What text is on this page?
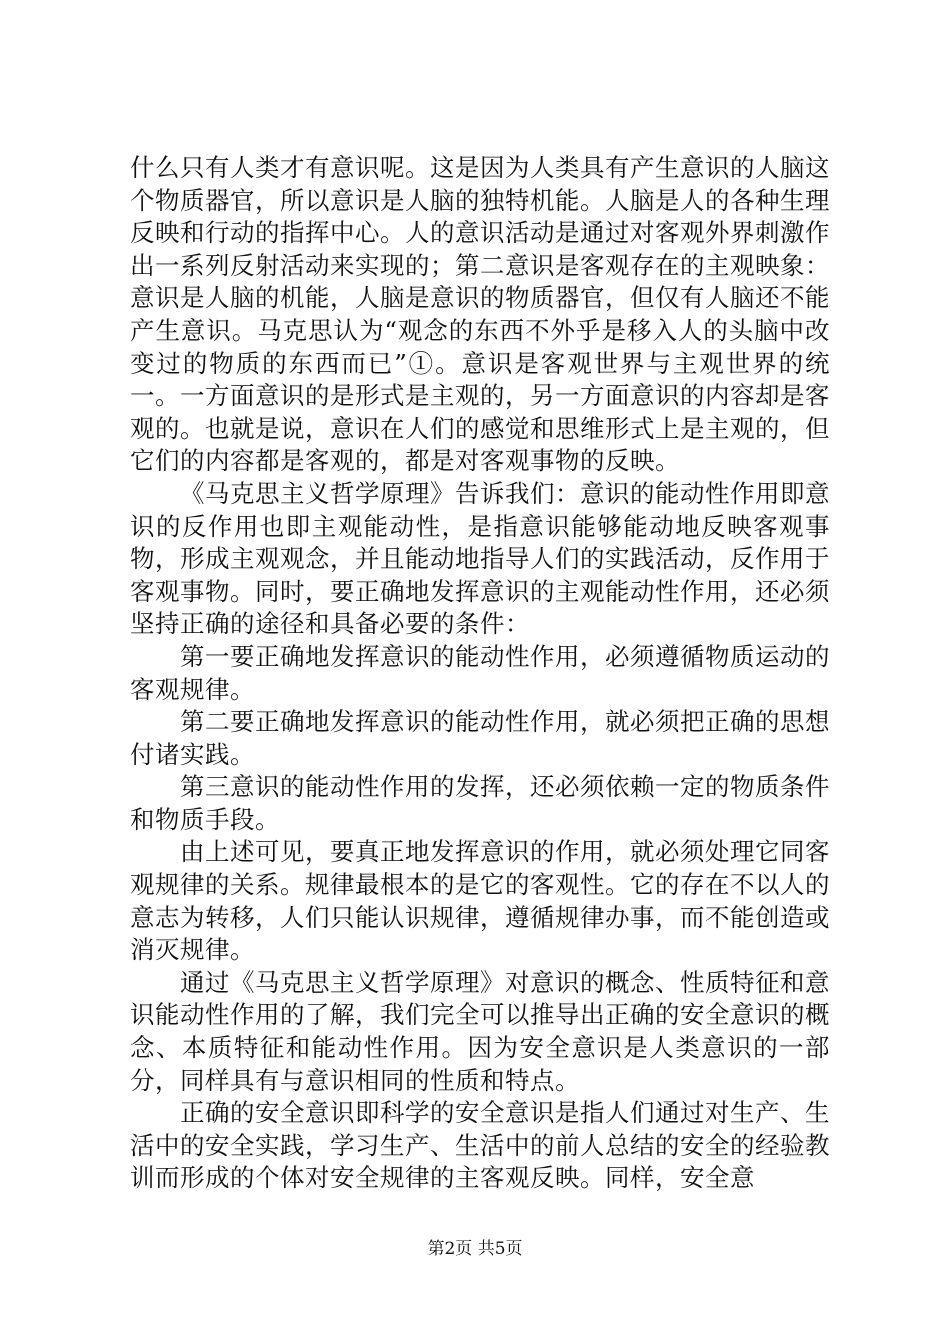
什么只有人类才有意识呢。这是因为人类具有产生意识的人脑这个物质器官，所以意识是人脑的独特机能。人脑是人的各种生理反映和行动的指挥中心。人的意识活动是通过对客观外界刺激作出一系列反射活动来实现的；第二意识是客观存在的主观映象：意识是人脑的机能，人脑是意识的物质器官，但仅有人脑还不能产生意识。马克思认为“观念的东西不外乎是移入人的头脑中改变过的物质的东西而已”①。意识是客观世界与主观世界的统一。一方面意识的是形式是主观的，另一方面意识的内容却是客观的。也就是说，意识在人们的感觉和思维形式上是主观的，但它们的内容都是客观的，都是对客观事物的反映。

《马克思主义哲学原理》告诉我们：意识的能动性作用即意识的反作用也即主观能动性，是指意识能够能动地反映客观事物，形成主观观念，并且能动地指导人们的实践活动，反作用于客观事物。同时，要正确地发挥意识的主观能动性作用，还必须坚持正确的途径和具备必要的条件：

第一要正确地发挥意识的能动性作用，必须遵循物质运动的客观规律。

第二要正确地发挥意识的能动性作用，就必须把正确的思想付诸实践。

第三意识的能动性作用的发挥，还必须依赖一定的物质条件和物质手段。

由上述可见，要真正地发挥意识的作用，就必须处理它同客观规律的关系。规律最根本的是它的客观性。它的存在不以人的意志为转移，人们只能认识规律，遵循规律办事，而不能创造或消灭规律。

通过《马克思主义哲学原理》对意识的概念、性质特征和意识能动性作用的了解，我们完全可以推导出正确的安全意识的概念、本质特征和能动性作用。因为安全意识是人类意识的一部分，同样具有与意识相同的性质和特点。

正确的安全意识即科学的安全意识是指人们通过对生产、生活中的安全实践，学习生产、生活中的前人总结的安全的经验教训而形成的个体对安全规律的主客观反映。同样，安全意

第2页 共5页
